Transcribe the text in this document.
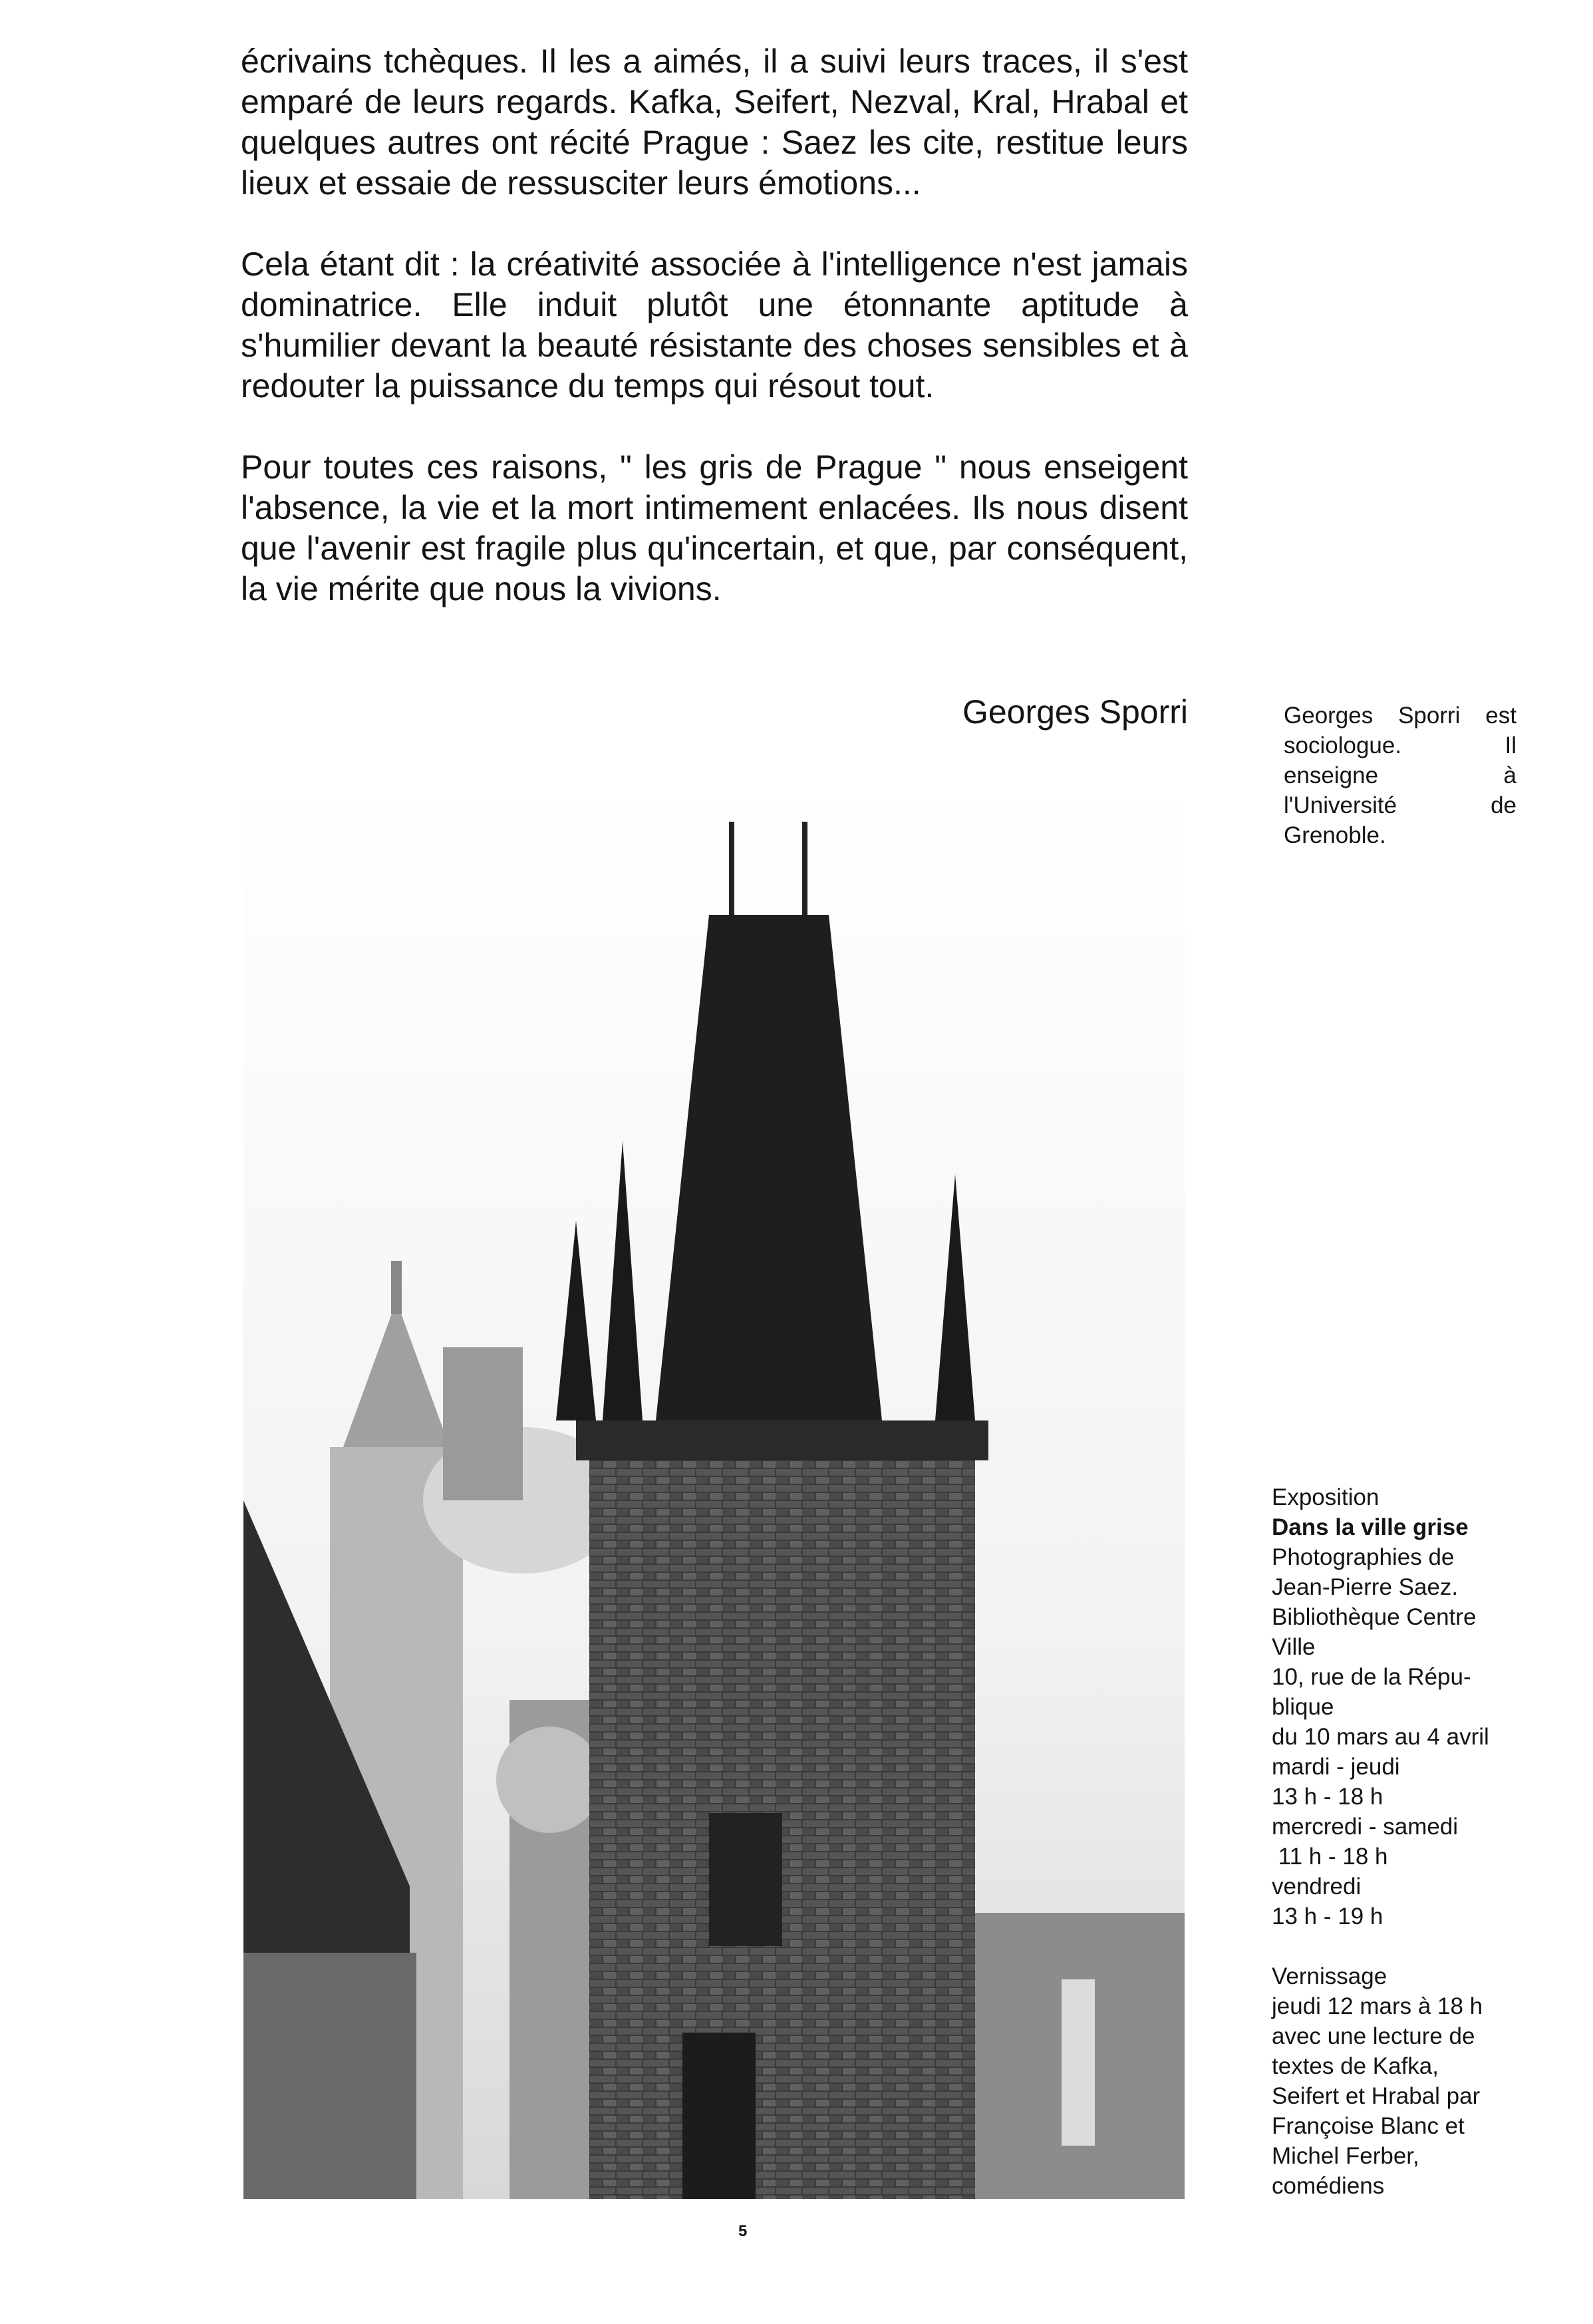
écrivains tchèques. Il les a aimés, il a suivi leurs traces, il s'est emparé de leurs regards. Kafka, Seifert, Nezval, Kral, Hrabal et quelques autres ont récité Prague : Saez les cite, restitue leurs lieux et essaie de ressusciter leurs émotions...

Cela étant dit : la créativité associée à l'intelligence n'est jamais dominatrice. Elle induit plutôt une étonnante aptitude à s'humilier devant la beauté résistante des choses sensibles et à redouter la puissance du temps qui résout tout.

Pour toutes ces raisons, " les gris de Prague " nous enseigent l'absence, la vie et la mort intimement enlacées. Ils nous disent que l'avenir est fragile plus qu'incertain, et que, par conséquent, la vie mérite que nous la vivions.

Georges Sporri	Georges Sporri est sociologue. Il enseigne à l'Université de Grenoble.
Exposition
Dans la ville grise
Photographies de
Jean-Pierre Saez.
Bibliothèque Centre
Ville
10, rue de la Répu-
blique
du 10 mars au 4 avril
mardi - jeudi
13 h - 18 h
mercredi - samedi
11 h - 18 h
vendredi
13 h - 19 h
Vernissage
jeudi 12 mars à 18 h
avec une lecture de
textes de Kafka,
Seifert et Hrabal par
Françoise Blanc et
Michel Ferber,
comédiens
5
